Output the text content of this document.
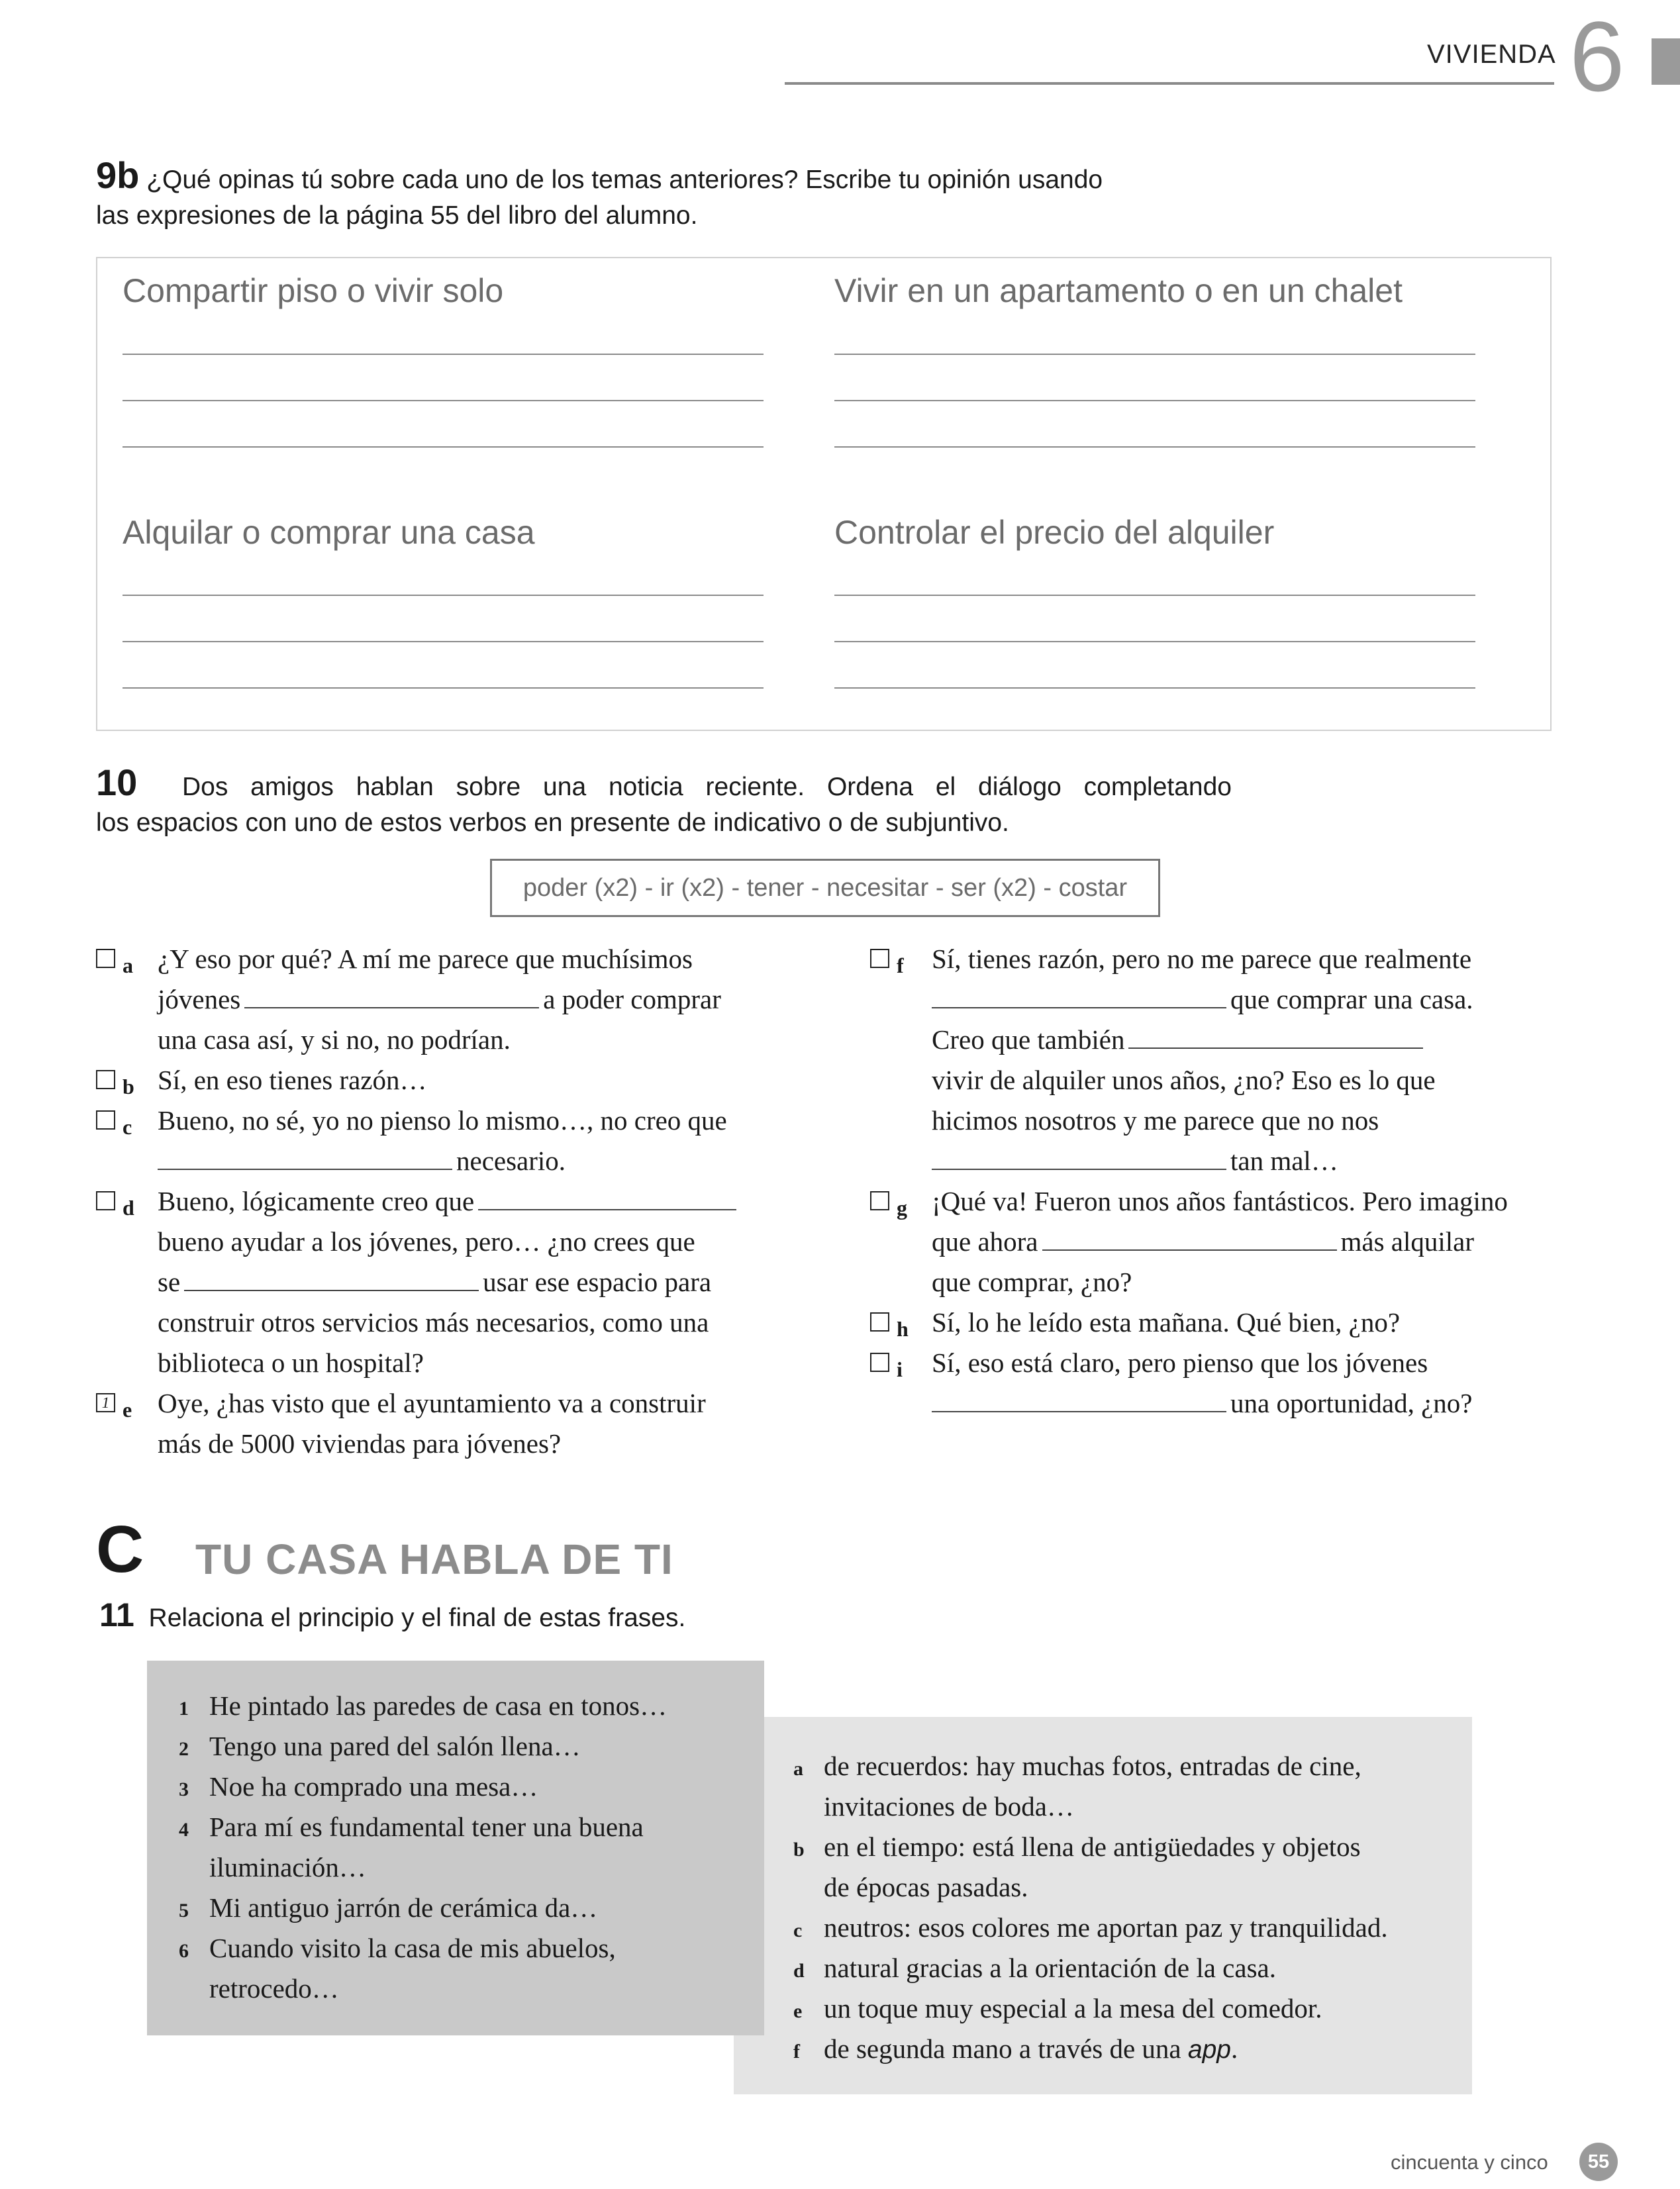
VIVIENDA 6
9b ¿Qué opinas tú sobre cada uno de los temas anteriores? Escribe tu opinión usando
las expresiones de la página 55 del libro del alumno.
Compartir piso o vivir solo	Vivir en un apartamento o en un chalet
Alquilar o comprar una casa	Controlar el precio del alquiler
10 Dos amigos hablan sobre una noticia reciente. Ordena el diálogo completando
los espacios con uno de estos verbos en presente de indicativo o de subjuntivo.
poder (x2) - ir (x2) - tener - necesitar - ser (x2) - costar
a ¿Y eso por qué? A mí me parece que muchísimos
jóvenes	a poder comprar
una casa así, y si no, no podrían.
b Sí, en eso tienes razón…
c Bueno, no sé, yo no pienso lo mismo…, no creo que
necesario.
d Bueno, lógicamente creo que
bueno ayudar a los jóvenes, pero… ¿no crees que
se	usar ese espacio para
construir otros servicios más necesarios, como una
biblioteca o un hospital?
1 e Oye, ¿has visto que el ayuntamiento va a construir
más de 5000 viviendas para jóvenes?
f Sí, tienes razón, pero no me parece que realmente
que comprar una casa.
Creo que también
vivir de alquiler unos años, ¿no? Eso es lo que
hicimos nosotros y me parece que no nos
tan mal…
g ¡Qué va! Fueron unos años fantásticos. Pero imagino
que ahora	más alquilar
que comprar, ¿no?
h Sí, lo he leído esta mañana. Qué bien, ¿no?
i Sí, eso está claro, pero pienso que los jóvenes
una oportunidad, ¿no?
C TU CASA HABLA DE TI
11 Relaciona el principio y el final de estas frases.
1 He pintado las paredes de casa en tonos…
2 Tengo una pared del salón llena…
3 Noe ha comprado una mesa…
4 Para mí es fundamental tener una buena
iluminación…
5 Mi antiguo jarrón de cerámica da…
6 Cuando visito la casa de mis abuelos,
retrocedo…
a de recuerdos: hay muchas fotos, entradas de cine,
invitaciones de boda…
b en el tiempo: está llena de antigüedades y objetos
de épocas pasadas.
c neutros: esos colores me aportan paz y tranquilidad.
d natural gracias a la orientación de la casa.
e un toque muy especial a la mesa del comedor.
f de segunda mano a través de una app.
cincuenta y cinco	55
